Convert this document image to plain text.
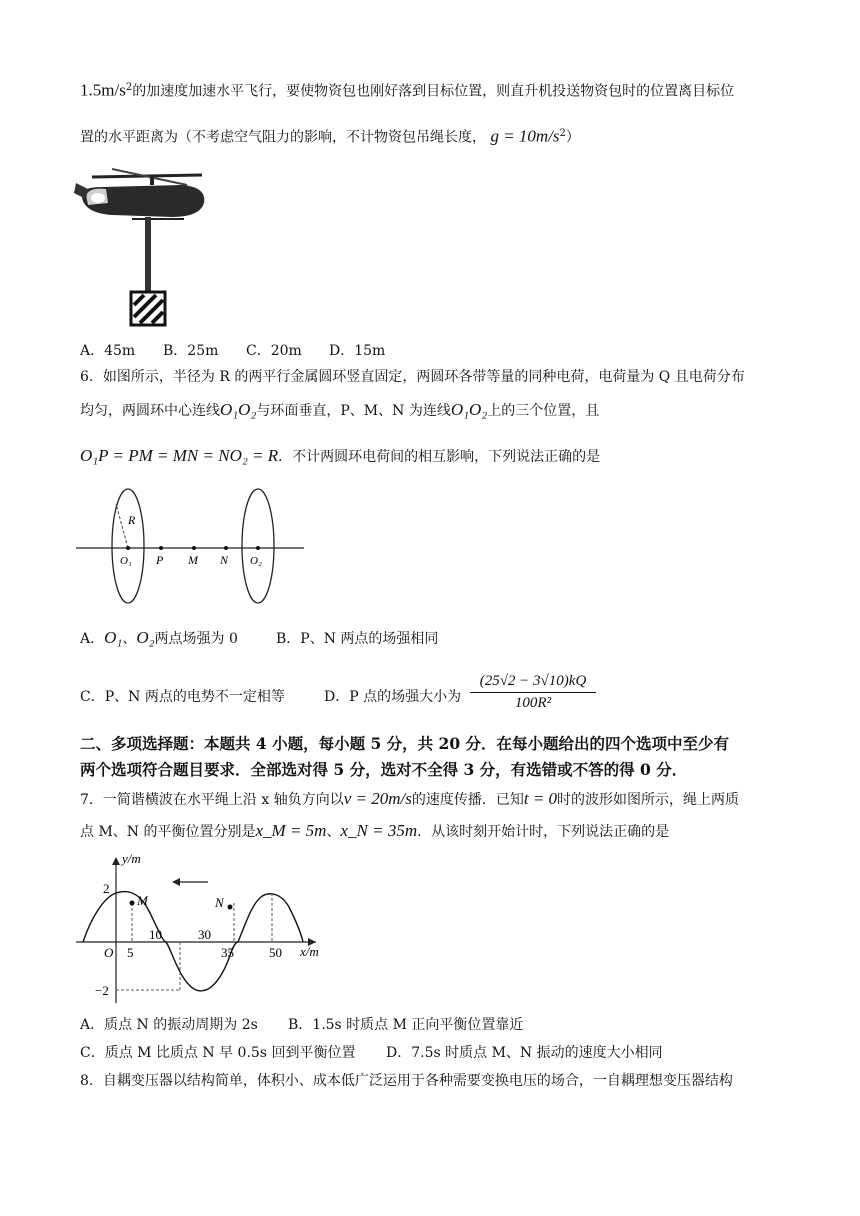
$1.5m/s^2$的加速度加速水平飞行，要使物资包也刚好落到目标位置，则直升机投送物资包时的位置离目标位
置的水平距离为（不考虑空气阻力的影响，不计物资包吊绳长度， $g = 10m/s^2$）
A．45m B．25m C．20m D．15m
6．如图所示，半径为 R 的两平行金属圆环竖直固定，两圆环各带等量的同种电荷，电荷量为 Q 且电荷分布
均匀，两圆环中心连线O₁O₂与环面垂直，P、M、N 为连线O₁O₂上的三个位置，且
O₁P = PM = MN = NO₂ = R．不计两圆环电荷间的相互影响，下列说法正确的是
R
O₁ P M N O₂
A．O₁、O₂两点场强为 0	B．P、N 两点的场强相同
C．P、N 两点的电势不一定相等	D．P 点的场强大小为 $\frac{(25√2 - 3√10)kQ}{\text{100R²}}$
二、多项选择题：本题共 4 小题，每小题 5 分，共 20 分．在每小题给出的四个选项中至少有
两个选项符合题目要求．全部选对得 5 分，选对不全得 3 分，有选错或不答的得 0 分．
7．一简谐横波在水平绳上沿 x 轴负方向以v = 20m/s的速度传播．已知t = 0时的波形如图所示，绳上两质
点 M、N 的平衡位置分别是x_M = 5m、x_N = 35m．从该时刻开始计时，下列说法正确的是
y/m
x/m
O
2
−2
5
10	30
35	50
M	N
A．质点 N 的振动周期为 2s B．1.5s 时质点 M 正向平衡位置靠近
C．质点 M 比质点 N 早 0.5s 回到平衡位置 D．7.5s 时质点 M、N 振动的速度大小相同
8．自耦变压器以结构简单，体积小、成本低广泛运用于各种需要变换电压的场合，一自耦理想变压器结构
